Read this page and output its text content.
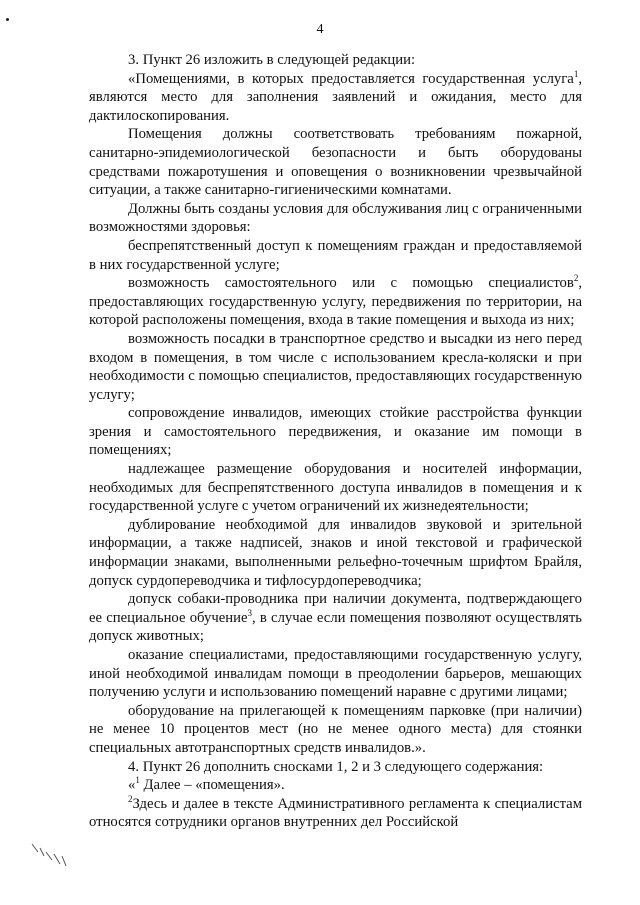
4

3. Пункт 26 изложить в следующей редакции:

«Помещениями, в которых предоставляется государственная услуга$^1$, являются место для заполнения заявлений и ожидания, место для дактилоскопирования.

Помещения должны соответствовать требованиям пожарной, санитарно-эпидемиологической безопасности и быть оборудованы средствами пожаротушения и оповещения о возникновении чрезвычайной ситуации, а также санитарно-гигиеническими комнатами.

Должны быть созданы условия для обслуживания лиц с ограниченными возможностями здоровья:

беспрепятственный доступ к помещениям граждан и предоставляемой в них государственной услуге;

возможность самостоятельного или с помощью специалистов$^2$, предоставляющих государственную услугу, передвижения по территории, на которой расположены помещения, входа в такие помещения и выхода из них;

возможность посадки в транспортное средство и высадки из него перед входом в помещения, в том числе с использованием кресла-коляски и при необходимости с помощью специалистов, предоставляющих государственную услугу;

сопровождение инвалидов, имеющих стойкие расстройства функции зрения и самостоятельного передвижения, и оказание им помощи в помещениях;

надлежащее размещение оборудования и носителей информации, необходимых для беспрепятственного доступа инвалидов в помещения и к государственной услуге с учетом ограничений их жизнедеятельности;

дублирование необходимой для инвалидов звуковой и зрительной информации, а также надписей, знаков и иной текстовой и графической информации знаками, выполненными рельефно-точечным шрифтом Брайля, допуск сурдопереводчика и тифлосурдопереводчика;

допуск собаки-проводника при наличии документа, подтверждающего ее специальное обучение$^3$, в случае если помещения позволяют осуществлять допуск животных;

оказание специалистами, предоставляющими государственную услугу, иной необходимой инвалидам помощи в преодолении барьеров, мешающих получению услуги и использованию помещений наравне с другими лицами;

оборудование на прилегающей к помещениям парковке (при наличии) не менее 10 процентов мест (но не менее одного места) для стоянки специальных автотранспортных средств инвалидов.».

4. Пункт 26 дополнить сносками 1, 2 и 3 следующего содержания:

«$^1$ Далее – «помещения».

$^2$Здесь и далее в тексте Административного регламента к специалистам относятся сотрудники органов внутренних дел Российской
